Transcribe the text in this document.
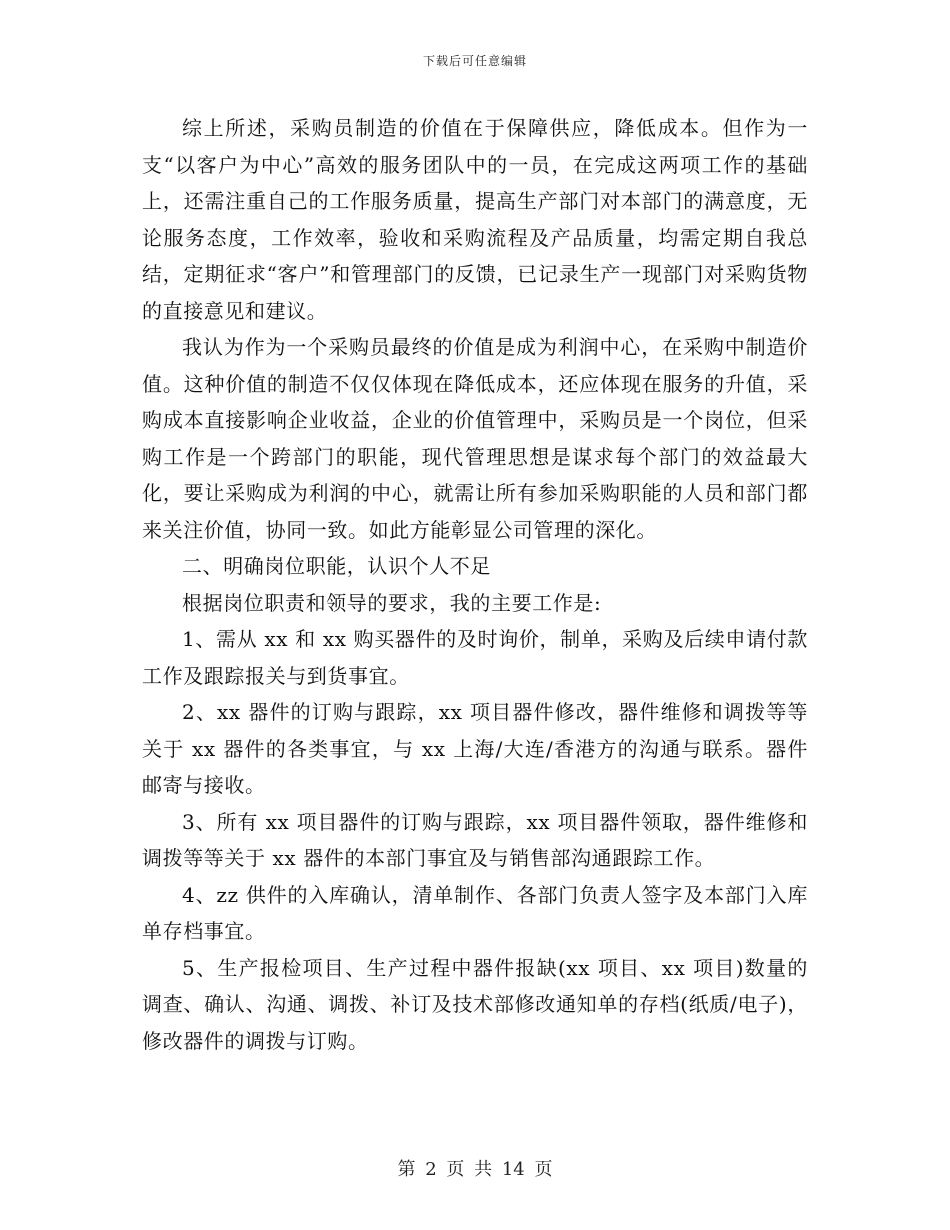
下载后可任意编辑

综上所述，采购员制造的价值在于保障供应，降低成本。但作为一支“以客户为中心”高效的服务团队中的一员，在完成这两项工作的基础上，还需注重自己的工作服务质量，提高生产部门对本部门的满意度，无论服务态度，工作效率，验收和采购流程及产品质量，均需定期自我总结，定期征求“客户”和管理部门的反馈，已记录生产一现部门对采购货物的直接意见和建议。

我认为作为一个采购员最终的价值是成为利润中心，在采购中制造价值。这种价值的制造不仅仅体现在降低成本，还应体现在服务的升值，采购成本直接影响企业收益，企业的价值管理中，采购员是一个岗位，但采购工作是一个跨部门的职能，现代管理思想是谋求每个部门的效益最大化，要让采购成为利润的中心，就需让所有参加采购职能的人员和部门都来关注价值，协同一致。如此方能彰显公司管理的深化。

二、明确岗位职能，认识个人不足

根据岗位职责和领导的要求，我的主要工作是:

1、需从 xx 和 xx 购买器件的及时询价，制单，采购及后续申请付款工作及跟踪报关与到货事宜。

2、xx 器件的订购与跟踪，xx 项目器件修改，器件维修和调拨等等关于 xx 器件的各类事宜，与 xx 上海/大连/香港方的沟通与联系。器件邮寄与接收。

3、所有 xx 项目器件的订购与跟踪，xx 项目器件领取，器件维修和调拨等等关于 xx 器件的本部门事宜及与销售部沟通跟踪工作。

4、zz 供件的入库确认，清单制作、各部门负责人签字及本部门入库单存档事宜。

5、生产报检项目、生产过程中器件报缺(xx 项目、xx 项目)数量的调查、确认、沟通、调拨、补订及技术部修改通知单的存档(纸质/电子)，修改器件的调拨与订购。

第 2 页 共 14 页
